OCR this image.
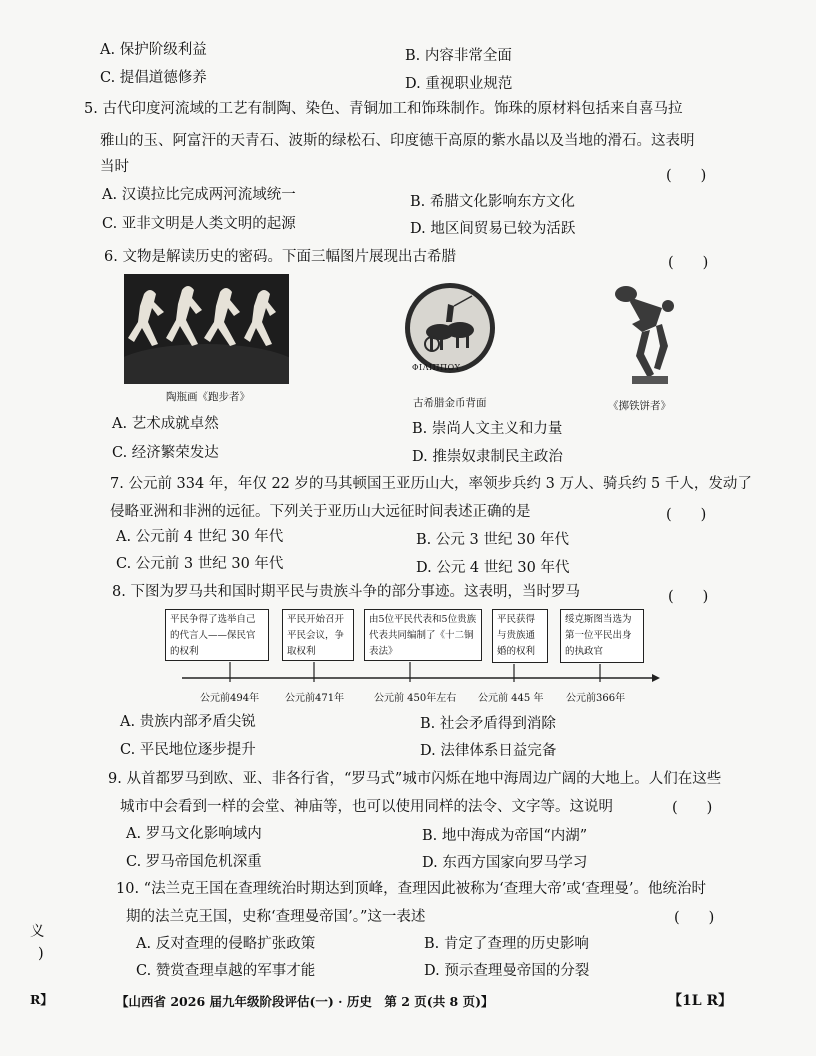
A. 保护阶级利益	B. 内容非常全面
C. 提倡道德修养	D. 重视职业规范
5. 古代印度河流域的工艺有制陶、染色、青铜加工和饰珠制作。饰珠的原材料包括来自喜马拉
雅山的玉、阿富汗的天青石、波斯的绿松石、印度德干高原的紫水晶以及当地的滑石。这表明
当时
(　　)
A. 汉谟拉比完成两河流域统一	B. 希腊文化影响东方文化
C. 亚非文明是人类文明的起源	D. 地区间贸易已较为活跃
6. 文物是解读历史的密码。下面三幅图片展现出古希腊	(　　)
陶瓶画《跑步者》
ΦΙΛΙΠΠΟΥ
古希腊金币背面	《掷铁饼者》
A. 艺术成就卓然	B. 崇尚人文主义和力量
C. 经济繁荣发达	D. 推崇奴隶制民主政治
7. 公元前 334 年，年仅 22 岁的马其顿国王亚历山大，率领步兵约 3 万人、骑兵约 5 千人，发动了
侵略亚洲和非洲的远征。下列关于亚历山大远征时间表述正确的是	(　　)
A. 公元前 4 世纪 30 年代	B. 公元 3 世纪 30 年代
C. 公元前 3 世纪 30 年代	D. 公元 4 世纪 30 年代
8. 下图为罗马共和国时期平民与贵族斗争的部分事迹。这表明，当时罗马	(　　)
平民争得了选举自己的代言人——保民官的权利
平民开始召开平民会议，争取权利
由5位平民代表和5位贵族代表共同编制了《十二铜表法》
平民获得与贵族通婚的权利
绥克斯图当选为第一位平民出身的执政官
公元前494年	公元前471年	公元前 450年左右 公元前 445 年 公元前366年
A. 贵族内部矛盾尖锐	B. 社会矛盾得到消除
C. 平民地位逐步提升	D. 法律体系日益完备
9. 从首都罗马到欧、亚、非各行省，“罗马式”城市闪烁在地中海周边广阔的大地上。人们在这些
城市中会看到一样的会堂、神庙等，也可以使用同样的法令、文字等。这说明	(　　)
A. 罗马文化影响域内	B. 地中海成为帝国“内湖”
C. 罗马帝国危机深重	D. 东西方国家向罗马学习
10. “法兰克王国在查理统治时期达到顶峰，查理因此被称为‘查理大帝’或‘查理曼’。他统治时
期的法兰克王国，史称‘查理曼帝国’。”这一表述	(　　)
A. 反对查理的侵略扩张政策	B. 肯定了查理的历史影响
C. 赞赏查理卓越的军事才能	D. 预示查理曼帝国的分裂
义
)
R】	【山西省 2026 届九年级阶段评估(一) · 历史　第 2 页(共 8 页)】	【1L R】
